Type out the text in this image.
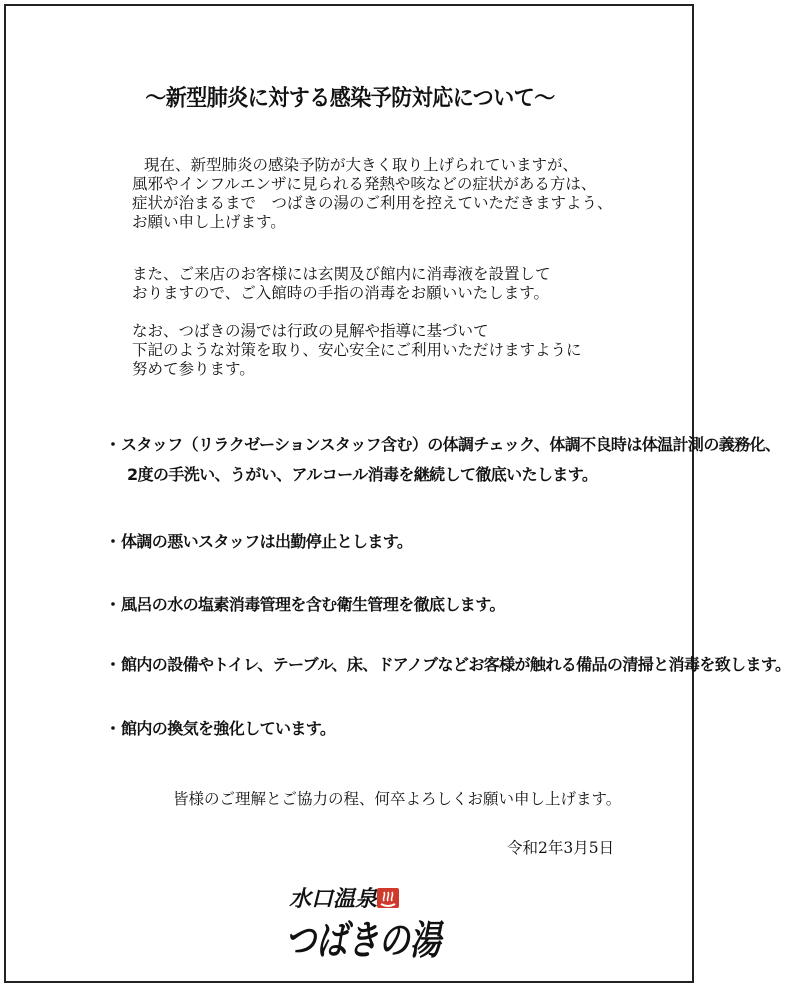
～新型肺炎に対する感染予防対応について～
現在、新型肺炎の感染予防が大きく取り上げられていますが、
風邪やインフルエンザに見られる発熱や咳などの症状がある方は、
症状が治まるまで　つばきの湯のご利用を控えていただきますよう、
お願い申し上げます。
また、ご来店のお客様には玄関及び館内に消毒液を設置して
おりますので、ご入館時の手指の消毒をお願いいたします。
なお、つばきの湯では行政の見解や指導に基づいて
下記のような対策を取り、安心安全にご利用いただけますように
努めて参ります。
・スタッフ（リラクゼーションスタッフ含む）の体調チェック、体調不良時は体温計測の義務化、
2度の手洗い、うがい、アルコール消毒を継続して徹底いたします。
・体調の悪いスタッフは出勤停止とします。
・風呂の水の塩素消毒管理を含む衛生管理を徹底します。
・館内の設備やトイレ、テーブル、床、ドアノブなどお客様が触れる備品の清掃と消毒を致します。
・館内の換気を強化しています。
皆様のご理解とご協力の程、何卒よろしくお願い申し上げます。
令和2年3月5日
水口温泉
つばきの湯
